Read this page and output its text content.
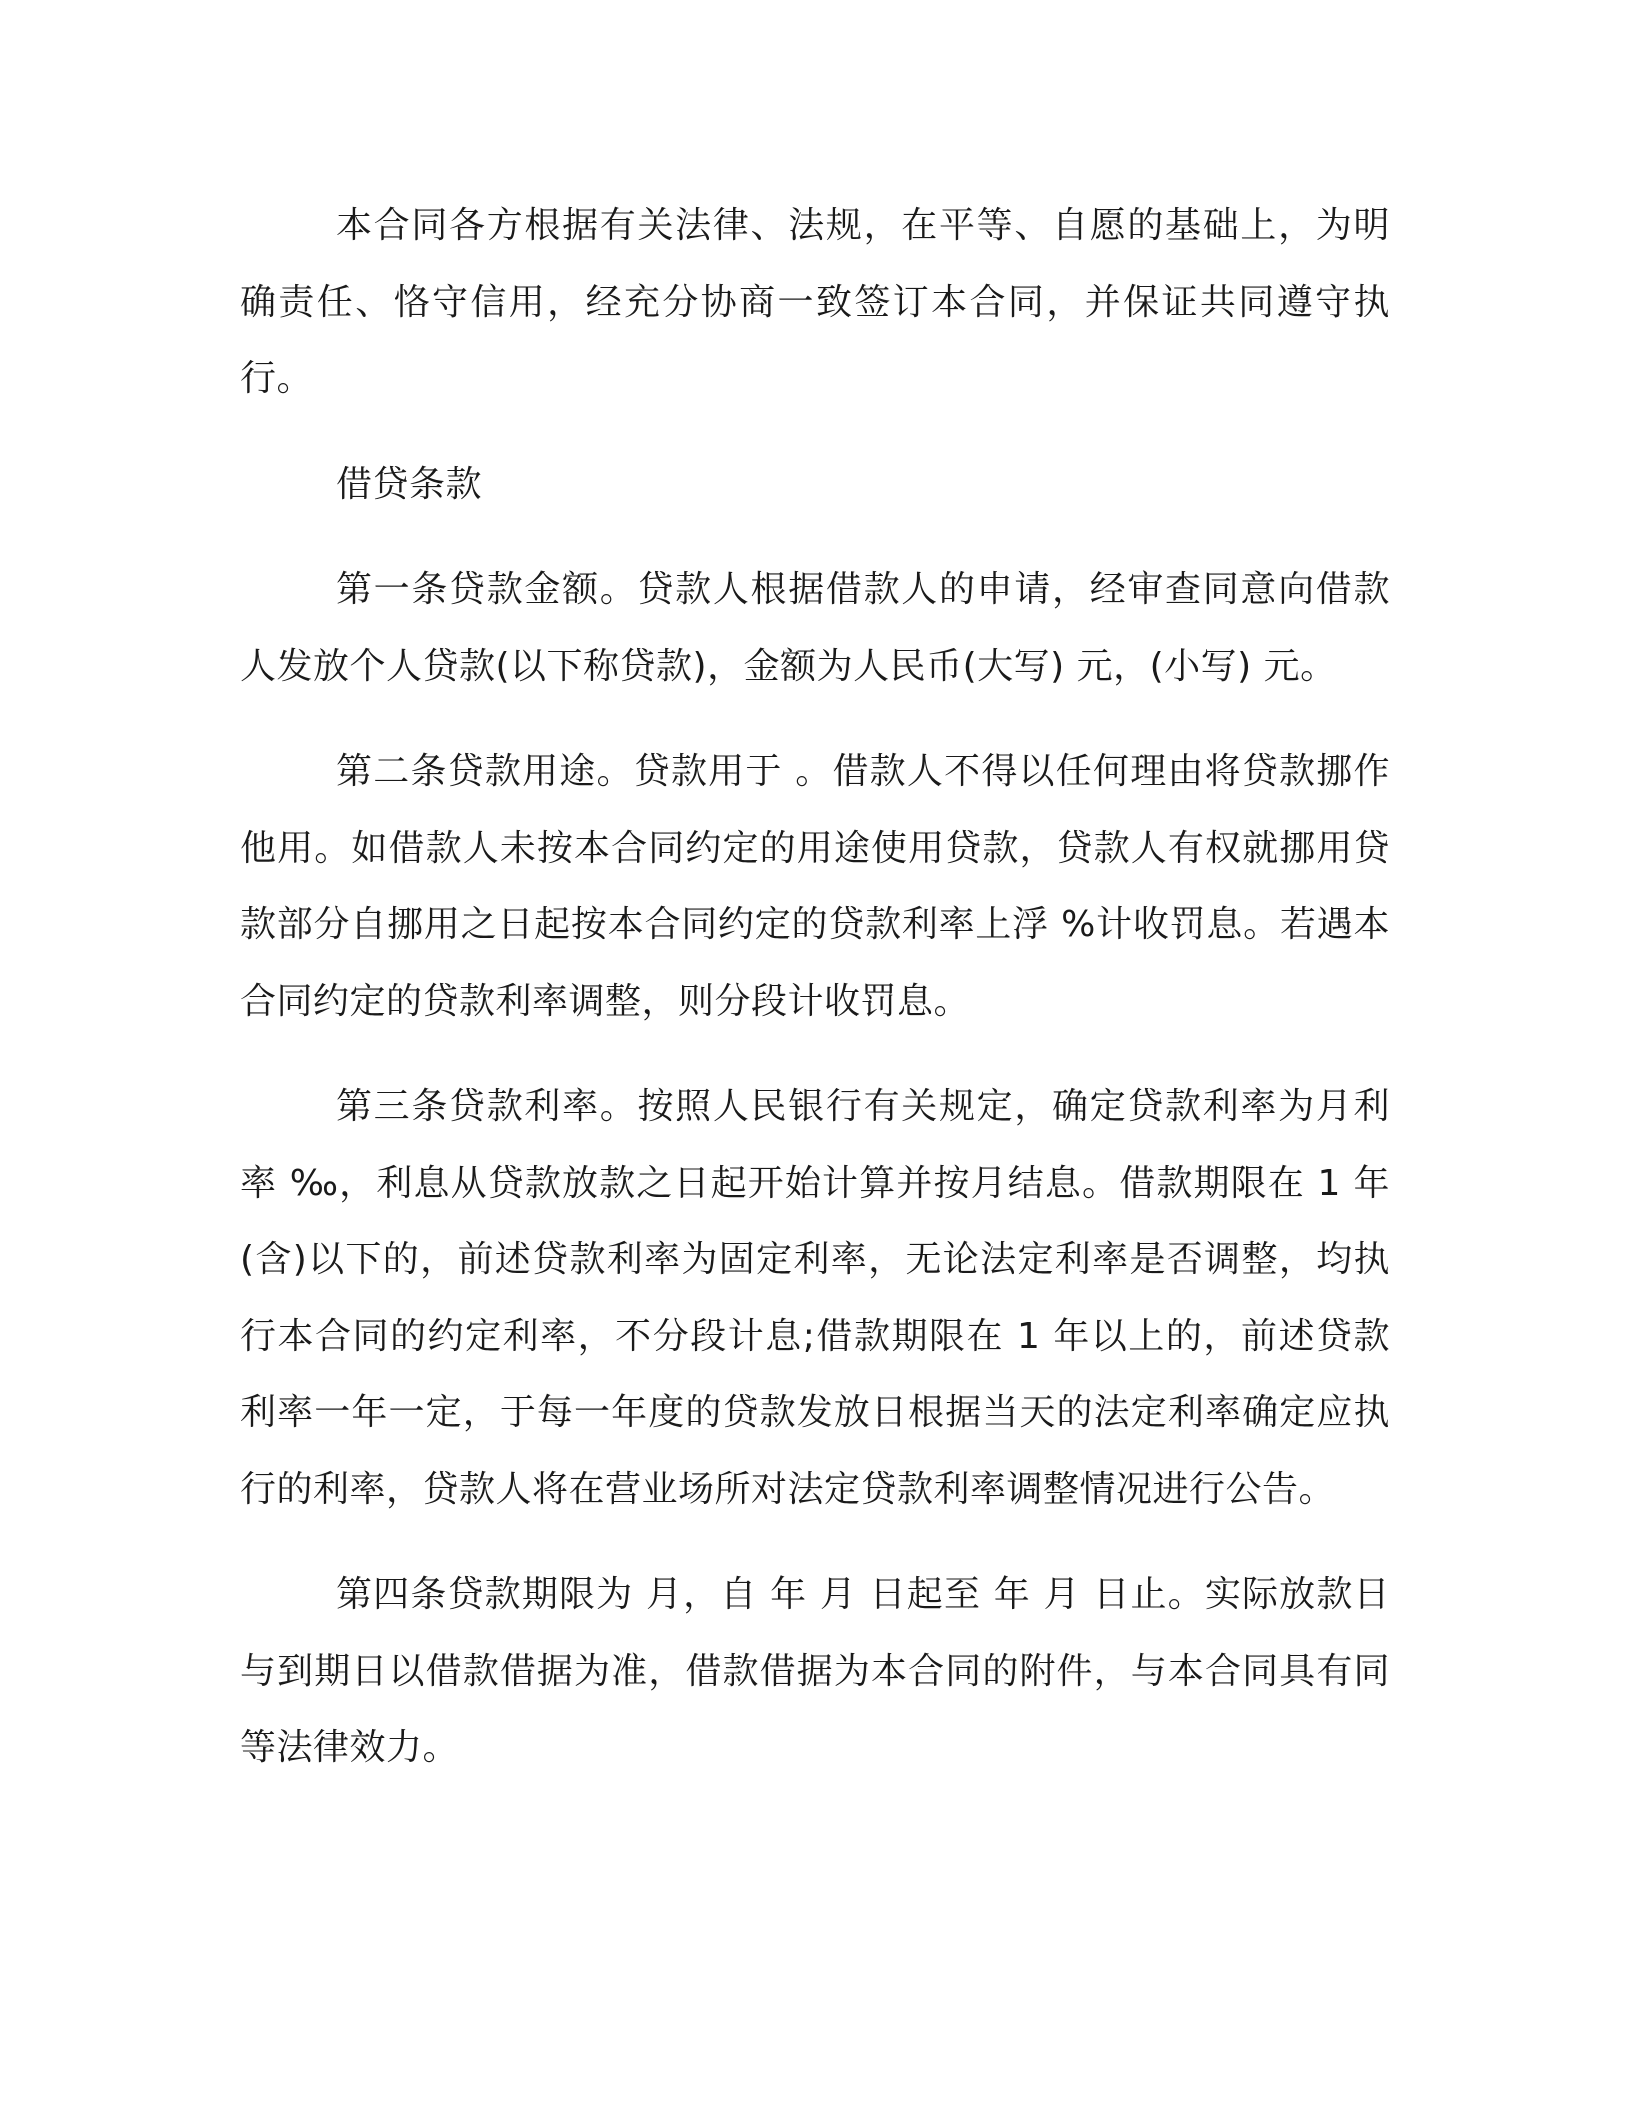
本合同各方根据有关法律、法规，在平等、自愿的基础上，为明确责任、恪守信用，经充分协商一致签订本合同，并保证共同遵守执行。

借贷条款

第一条贷款金额。贷款人根据借款人的申请，经审查同意向借款人发放个人贷款(以下称贷款)，金额为人民币(大写) 元，(小写) 元。

第二条贷款用途。贷款用于 。借款人不得以任何理由将贷款挪作他用。如借款人未按本合同约定的用途使用贷款，贷款人有权就挪用贷款部分自挪用之日起按本合同约定的贷款利率上浮 %计收罚息。若遇本合同约定的贷款利率调整，则分段计收罚息。

第三条贷款利率。按照人民银行有关规定，确定贷款利率为月利率 ‰，利息从贷款放款之日起开始计算并按月结息。借款期限在 1 年(含)以下的，前述贷款利率为固定利率，无论法定利率是否调整，均执行本合同的约定利率，不分段计息;借款期限在 1 年以上的，前述贷款利率一年一定，于每一年度的贷款发放日根据当天的法定利率确定应执行的利率，贷款人将在营业场所对法定贷款利率调整情况进行公告。

第四条贷款期限为 月，自 年 月 日起至 年 月 日止。实际放款日与到期日以借款借据为准，借款借据为本合同的附件，与本合同具有同等法律效力。
